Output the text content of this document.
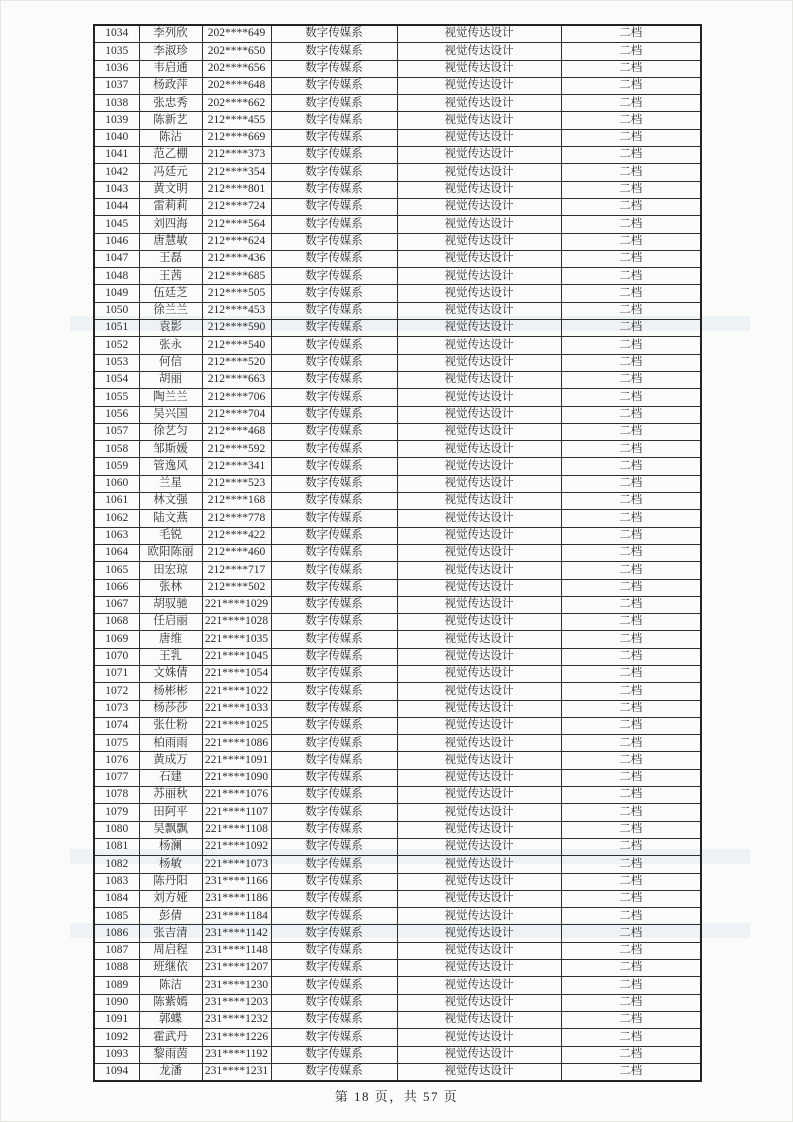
1034	李列欣	202****649	数字传媒系	视觉传达设计	二档
1035	李淑珍	202****650	数字传媒系	视觉传达设计	二档
1036	韦启通	202****656	数字传媒系	视觉传达设计	二档
1037	杨政萍	202****648	数字传媒系	视觉传达设计	二档
1038	张忠秀	202****662	数字传媒系	视觉传达设计	二档
1039	陈新艺	212****455	数字传媒系	视觉传达设计	二档
1040	陈沾	212****669	数字传媒系	视觉传达设计	二档
1041	范乙棚	212****373	数字传媒系	视觉传达设计	二档
1042	冯廷元	212****354	数字传媒系	视觉传达设计	二档
1043	黄文明	212****801	数字传媒系	视觉传达设计	二档
1044	雷莉莉	212****724	数字传媒系	视觉传达设计	二档
1045	刘四海	212****564	数字传媒系	视觉传达设计	二档
1046	唐慧敏	212****624	数字传媒系	视觉传达设计	二档
1047	王磊	212****436	数字传媒系	视觉传达设计	二档
1048	王茜	212****685	数字传媒系	视觉传达设计	二档
1049	伍廷芝	212****505	数字传媒系	视觉传达设计	二档
1050	徐兰兰	212****453	数字传媒系	视觉传达设计	二档
1051	袁影	212****590	数字传媒系	视觉传达设计	二档
1052	张永	212****540	数字传媒系	视觉传达设计	二档
1053	何信	212****520	数字传媒系	视觉传达设计	二档
1054	胡丽	212****663	数字传媒系	视觉传达设计	二档
1055	陶兰兰	212****706	数字传媒系	视觉传达设计	二档
1056	吴兴国	212****704	数字传媒系	视觉传达设计	二档
1057	徐艺匀	212****468	数字传媒系	视觉传达设计	二档
1058	邹斯媛	212****592	数字传媒系	视觉传达设计	二档
1059	管逸风	212****341	数字传媒系	视觉传达设计	二档
1060	兰星	212****523	数字传媒系	视觉传达设计	二档
1061	林文强	212****168	数字传媒系	视觉传达设计	二档
1062	陆文燕	212****778	数字传媒系	视觉传达设计	二档
1063	毛锐	212****422	数字传媒系	视觉传达设计	二档
1064	欧阳陈丽	212****460	数字传媒系	视觉传达设计	二档
1065	田宏琼	212****717	数字传媒系	视觉传达设计	二档
1066	张林	212****502	数字传媒系	视觉传达设计	二档
1067	胡驭驰	221****1029	数字传媒系	视觉传达设计	二档
1068	任启丽	221****1028	数字传媒系	视觉传达设计	二档
1069	唐维	221****1035	数字传媒系	视觉传达设计	二档
1070	王乳	221****1045	数字传媒系	视觉传达设计	二档
1071	文姝倩	221****1054	数字传媒系	视觉传达设计	二档
1072	杨彬彬	221****1022	数字传媒系	视觉传达设计	二档
1073	杨莎莎	221****1033	数字传媒系	视觉传达设计	二档
1074	张仕粉	221****1025	数字传媒系	视觉传达设计	二档
1075	柏雨雨	221****1086	数字传媒系	视觉传达设计	二档
1076	黄成万	221****1091	数字传媒系	视觉传达设计	二档
1077	石建	221****1090	数字传媒系	视觉传达设计	二档
1078	苏丽秋	221****1076	数字传媒系	视觉传达设计	二档
1079	田阿平	221****1107	数字传媒系	视觉传达设计	二档
1080	吴飘飘	221****1108	数字传媒系	视觉传达设计	二档
1081	杨澜	221****1092	数字传媒系	视觉传达设计	二档
1082	杨敏	221****1073	数字传媒系	视觉传达设计	二档
1083	陈丹阳	231****1166	数字传媒系	视觉传达设计	二档
1084	刘方娅	231****1186	数字传媒系	视觉传达设计	二档
1085	彭倩	231****1184	数字传媒系	视觉传达设计	二档
1086	张吉清	231****1142	数字传媒系	视觉传达设计	二档
1087	周启程	231****1148	数字传媒系	视觉传达设计	二档
1088	班继依	231****1207	数字传媒系	视觉传达设计	二档
1089	陈洁	231****1230	数字传媒系	视觉传达设计	二档
1090	陈紫嫣	231****1203	数字传媒系	视觉传达设计	二档
1091	郭蝶	231****1232	数字传媒系	视觉传达设计	二档
1092	霍武丹	231****1226	数字传媒系	视觉传达设计	二档
1093	黎雨茵	231****1192	数字传媒系	视觉传达设计	二档
1094	龙潘	231****1231	数字传媒系	视觉传达设计	二档
第 18 页，共 57 页
